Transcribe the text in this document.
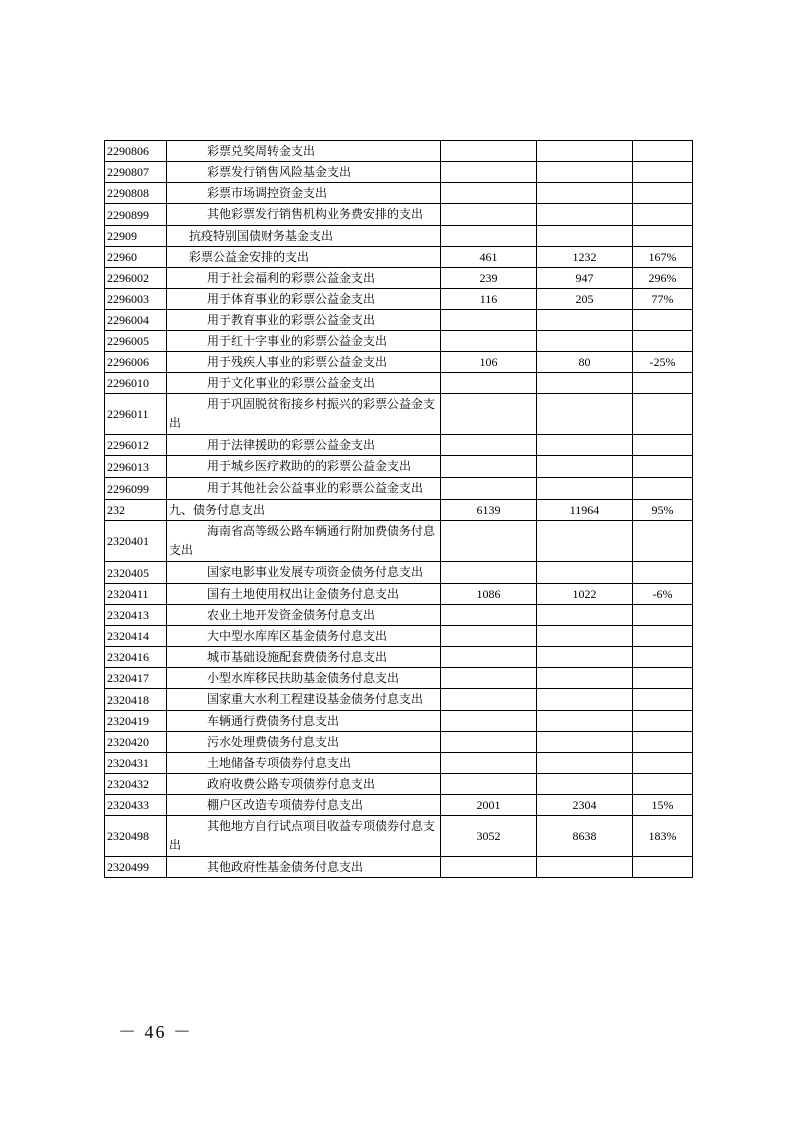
2290806	彩票兑奖周转金支出			
2290807	彩票发行销售风险基金支出			
2290808	彩票市场调控资金支出			
2290899	其他彩票发行销售机构业务费安排的支出			
22909	抗疫特别国债财务基金支出			
22960	彩票公益金安排的支出	461	1232	167%
2296002	用于社会福利的彩票公益金支出	239	947	296%
2296003	用于体育事业的彩票公益金支出	116	205	77%
2296004	用于教育事业的彩票公益金支出			
2296005	用于红十字事业的彩票公益金支出			
2296006	用于残疾人事业的彩票公益金支出	106	80	-25%
2296010	用于文化事业的彩票公益金支出			
2296011	用于巩固脱贫衔接乡村振兴的彩票公益金支出			
2296012	用于法律援助的彩票公益金支出			
2296013	用于城乡医疗救助的的彩票公益金支出			
2296099	用于其他社会公益事业的彩票公益金支出			
232	九、债务付息支出	6139	11964	95%
2320401	海南省高等级公路车辆通行附加费债务付息支出			
2320405	国家电影事业发展专项资金债务付息支出			
2320411	国有土地使用权出让金债务付息支出	1086	1022	-6%
2320413	农业土地开发资金债务付息支出			
2320414	大中型水库库区基金债务付息支出			
2320416	城市基础设施配套费债务付息支出			
2320417	小型水库移民扶助基金债务付息支出			
2320418	国家重大水利工程建设基金债务付息支出			
2320419	车辆通行费债务付息支出			
2320420	污水处理费债务付息支出			
2320431	土地储备专项债券付息支出			
2320432	政府收费公路专项债券付息支出			
2320433	棚户区改造专项债券付息支出	2001	2304	15%
2320498	其他地方自行试点项目收益专项债券付息支出	3052	8638	183%
2320499	其他政府性基金债务付息支出			
－ 46 －
